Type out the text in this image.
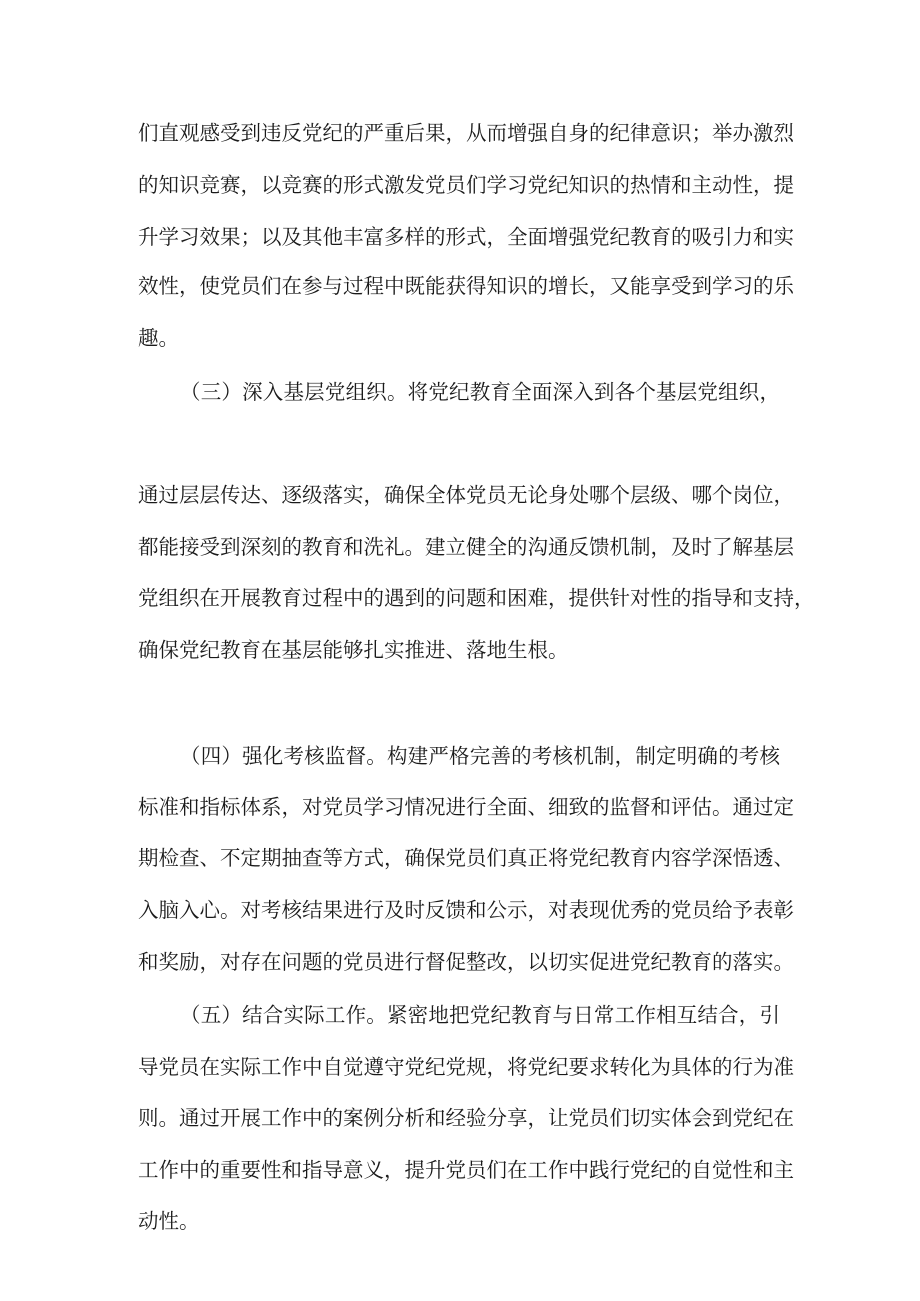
们直观感受到违反党纪的严重后果，从而增强自身的纪律意识；举办激烈

的知识竞赛，以竞赛的形式激发党员们学习党纪知识的热情和主动性，提

升学习效果；以及其他丰富多样的形式，全面增强党纪教育的吸引力和实

效性，使党员们在参与过程中既能获得知识的增长，又能享受到学习的乐

趣。

（三）深入基层党组织。将党纪教育全面深入到各个基层党组织，

通过层层传达、逐级落实，确保全体党员无论身处哪个层级、哪个岗位，

都能接受到深刻的教育和洗礼。建立健全的沟通反馈机制，及时了解基层

党组织在开展教育过程中的遇到的问题和困难，提供针对性的指导和支持，

确保党纪教育在基层能够扎实推进、落地生根。

（四）强化考核监督。构建严格完善的考核机制，制定明确的考核

标准和指标体系，对党员学习情况进行全面、细致的监督和评估。通过定

期检查、不定期抽查等方式，确保党员们真正将党纪教育内容学深悟透、

入脑入心。对考核结果进行及时反馈和公示，对表现优秀的党员给予表彰

和奖励，对存在问题的党员进行督促整改，以切实促进党纪教育的落实。

（五）结合实际工作。紧密地把党纪教育与日常工作相互结合，引

导党员在实际工作中自觉遵守党纪党规，将党纪要求转化为具体的行为准

则。通过开展工作中的案例分析和经验分享，让党员们切实体会到党纪在

工作中的重要性和指导意义，提升党员们在工作中践行党纪的自觉性和主

动性。
